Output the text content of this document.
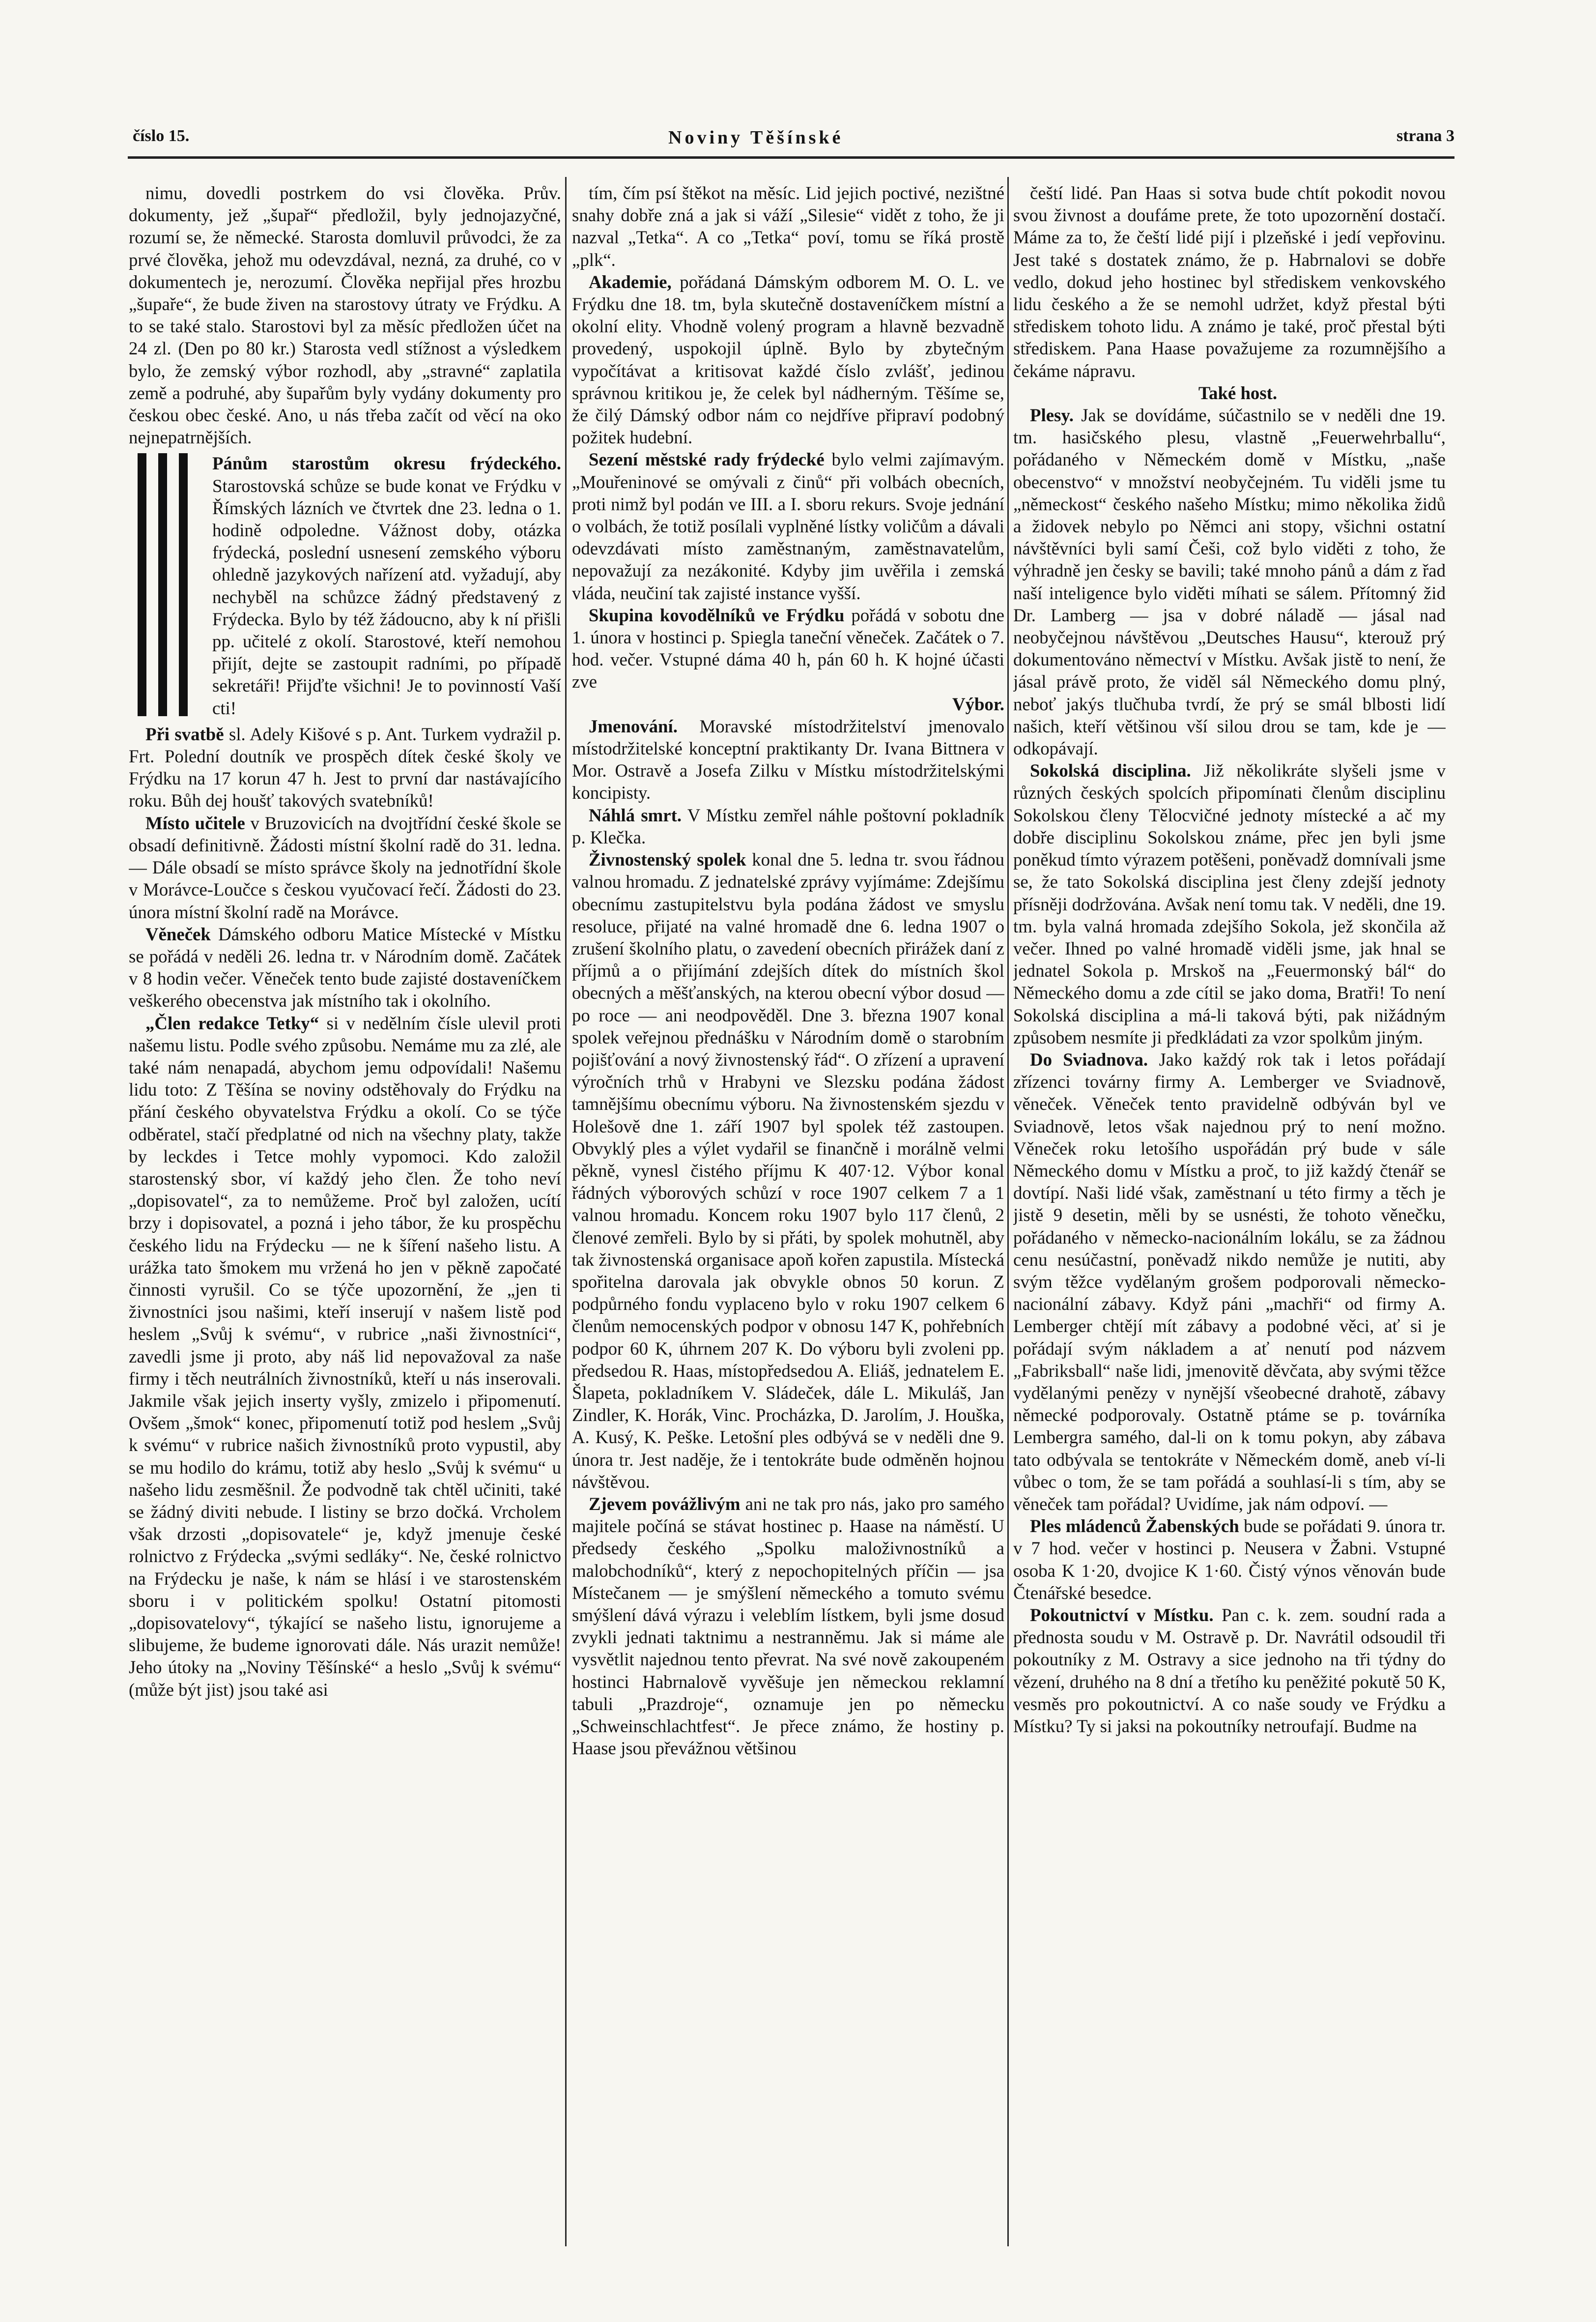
číslo 15.	Noviny Těšínské	strana 3

nimu, dovedli postrkem do vsi člověka. Prův. dokumenty, jež „šupař“ předložil, byly jednojazyčné, rozumí se, že německé. Starosta domluvil průvodci, že za prvé člověka, jehož mu odevzdával, nezná, za druhé, co v dokumentech je, nerozumí. Člověka nepřijal přes hrozbu „šupaře“, že bude živen na starostovy útraty ve Frýdku. A to se také stalo. Starostovi byl za měsíc předložen účet na 24 zl. (Den po 80 kr.) Starosta vedl stížnost a výsledkem bylo, že zemský výbor rozhodl, aby „stravné“ zaplatila země a podruhé, aby šupařům byly vydány dokumenty pro českou obec české. Ano, u nás třeba začít od věcí na oko nejnepatrnějších.

Pánům starostům okresu frýdeckého. Starostovská schůze se bude konat ve Frýdku v Římských lázních ve čtvrtek dne 23. ledna o 1. hodině odpoledne. Vážnost doby, otázka frýdecká, poslední usnesení zemského výboru ohledně jazykových nařízení atd. vyžadují, aby nechyběl na schůzce žádný představený z Frýdecka. Bylo by též žádoucno, aby k ní přišli pp. učitelé z okolí. Starostové, kteří nemohou přijít, dejte se zastoupit radními, po případě sekretáři! Přijďte všichni! Je to povinností Vaší cti!

Při svatbě sl. Adely Kišové s p. Ant. Turkem vydražil p. Frt. Polední doutník ve prospěch dítek české školy ve Frýdku na 17 korun 47 h. Jest to první dar nastávajícího roku. Bůh dej houšť takových svatebníků!

Místo učitele v Bruzovicích na dvojtřídní české škole se obsadí definitivně. Žádosti místní školní radě do 31. ledna. — Dále obsadí se místo správce školy na jednotřídní škole v Morávce-Loučce s českou vyučovací řečí. Žádosti do 23. února místní školní radě na Morávce.

Věneček Dámského odboru Matice Místecké v Místku se pořádá v neděli 26. ledna tr. v Národním domě. Začátek v 8 hodin večer. Věneček tento bude zajisté dostaveníčkem veškerého obecenstva jak místního tak i okolního.

„Člen redakce Tetky“ si v nedělním čísle ulevil proti našemu listu. Podle svého způsobu. Nemáme mu za zlé, ale také nám nenapadá, abychom jemu odpovídali! Našemu lidu toto: Z Těšína se noviny odstěhovaly do Frýdku na přání českého obyvatelstva Frýdku a okolí. Co se týče odběratel, stačí předplatné od nich na všechny platy, takže by leckdes i Tetce mohly vypomoci. Kdo založil starostenský sbor, ví každý jeho člen. Že toho neví „dopisovatel“, za to nemůžeme. Proč byl založen, ucítí brzy i dopisovatel, a pozná i jeho tábor, že ku prospěchu českého lidu na Frýdecku — ne k šíření našeho listu. A urážka tato šmokem mu vržená ho jen v pěkně započaté činnosti vyrušil. Co se týče upozornění, že „jen ti živnostníci jsou našimi, kteří inserují v našem listě pod heslem „Svůj k svému“, v rubrice „naši živnostníci“, zavedli jsme ji proto, aby náš lid nepovažoval za naše firmy i těch neutrálních živnostníků, kteří u nás inserovali. Jakmile však jejich inserty vyšly, zmizelo i připomenutí. Ovšem „šmok“ konec, připomenutí totiž pod heslem „Svůj k svému“ v rubrice našich živnostníků proto vypustil, aby se mu hodilo do krámu, totiž aby heslo „Svůj k svému“ u našeho lidu zesměšnil. Že podvodně tak chtěl učiniti, také se žádný diviti nebude. I listiny se brzo dočká. Vrcholem však drzosti „dopisovatele“ je, když jmenuje české rolnictvo z Frýdecka „svými sedláky“. Ne, české rolnictvo na Frýdecku je naše, k nám se hlásí i ve starostenském sboru i v politickém spolku! Ostatní pitomosti „dopisovatelovy“, týkající se našeho listu, ignorujeme a slibujeme, že budeme ignorovati dále. Nás urazit nemůže! Jeho útoky na „Noviny Těšínské“ a heslo „Svůj k svému“ (může být jist) jsou také asi

tím, čím psí štěkot na měsíc. Lid jejich poctivé, nezištné snahy dobře zná a jak si váží „Silesie“ vidět z toho, že ji nazval „Tetka“. A co „Tetka“ poví, tomu se říká prostě „plk“.

Akademie, pořádaná Dámským odborem M. O. L. ve Frýdku dne 18. tm, byla skutečně dostaveníčkem místní a okolní elity. Vhodně volený program a hlavně bezvadně provedený, uspokojil úplně. Bylo by zbytečným vypočítávat a kritisovat každé číslo zvlášť, jedinou správnou kritikou je, že celek byl nádherným. Těšíme se, že čilý Dámský odbor nám co nejdříve připraví podobný požitek hudební.

Sezení městské rady frýdecké bylo velmi zajímavým. „Mouřeninové se omývali z činů“ při volbách obecních, proti nimž byl podán ve III. a I. sboru rekurs. Svoje jednání o volbách, že totiž posílali vyplněné lístky voličům a dávali odevzdávati místo zaměstnaným, zaměstnavatelům, nepovažují za nezákonité. Kdyby jim uvěřila i zemská vláda, neučiní tak zajisté instance vyšší.

Skupina kovodělníků ve Frýdku pořádá v sobotu dne 1. února v hostinci p. Spiegla taneční věneček. Začátek o 7. hod. večer. Vstupné dáma 40 h, pán 60 h. K hojné účasti zve
Výbor.

Jmenování. Moravské místodržitelství jmenovalo místodržitelské konceptní praktikanty Dr. Ivana Bittnera v Mor. Ostravě a Josefa Zilku v Místku místodržitelskými koncipisty.

Náhlá smrt. V Místku zemřel náhle poštovní pokladník p. Klečka.

Živnostenský spolek konal dne 5. ledna tr. svou řádnou valnou hromadu. Z jednatelské zprávy vyjímáme: Zdejšímu obecnímu zastupitelstvu byla podána žádost ve smyslu resoluce, přijaté na valné hromadě dne 6. ledna 1907 o zrušení školního platu, o zavedení obecních přirážek daní z příjmů a o přijímání zdejších dítek do místních škol obecných a měšťanských, na kterou obecní výbor dosud — po roce — ani neodpověděl. Dne 3. března 1907 konal spolek veřejnou přednášku v Národním domě o starobním pojišťování a nový živnostenský řád“. O zřízení a upravení výročních trhů v Hrabyni ve Slezsku podána žádost tamnějšímu obecnímu výboru. Na živnostenském sjezdu v Holešově dne 1. září 1907 byl spolek též zastoupen. Obvyklý ples a výlet vydařil se finančně i morálně velmi pěkně, vynesl čistého příjmu K 407·12. Výbor konal řádných výborových schůzí v roce 1907 celkem 7 a 1 valnou hromadu. Koncem roku 1907 bylo 117 členů, 2 členové zemřeli. Bylo by si přáti, by spolek mohutněl, aby tak živnostenská organisace apoň kořen zapustila. Místecká spořitelna darovala jak obvykle obnos 50 korun. Z podpůrného fondu vyplaceno bylo v roku 1907 celkem 6 členům nemocenských podpor v obnosu 147 K, pohřebních podpor 60 K, úhrnem 207 K. Do výboru byli zvoleni pp. předsedou R. Haas, místopředsedou A. Eliáš, jednatelem E. Šlapeta, pokladníkem V. Sládeček, dále L. Mikuláš, Jan Zindler, K. Horák, Vinc. Procházka, D. Jarolím, J. Houška, A. Kusý, K. Peške. Letošní ples odbývá se v neděli dne 9. února tr. Jest naděje, že i tentokráte bude odměněn hojnou návštěvou.

Zjevem povážlivým ani ne tak pro nás, jako pro samého majitele počíná se stávat hostinec p. Haase na náměstí. U předsedy českého „Spolku maloživnostníků a malobchodníků“, který z nepochopitelných příčin — jsa Místečanem — je smýšlení německého a tomuto svému smýšlení dává výrazu i veleblím lístkem, byli jsme dosud zvykli jednati taktnimu a nestranněmu. Jak si máme ale vysvětlit najednou tento převrat. Na své nově zakoupeném hostinci Habrnalově vyvěšuje jen německou reklamní tabuli „Prazdroje“, oznamuje jen po německu „Schweinschlachtfest“. Je přece známo, že hostiny p. Haase jsou převážnou většinou

čeští lidé. Pan Haas si sotva bude chtít pokodit novou svou živnost a doufáme prete, že toto upozornění dostačí. Máme za to, že čeští lidé pijí i plzeňské i jedí vepřovinu. Jest také s dostatek známo, že p. Habrnalovi se dobře vedlo, dokud jeho hostinec byl střediskem venkovského lidu českého a že se nemohl udržet, když přestal býti střediskem tohoto lidu. A známo je také, proč přestal býti střediskem. Pana Haase považujeme za rozumnějšího a čekáme nápravu.

Také host.

Plesy. Jak se dovídáme, súčastnilo se v neděli dne 19. tm. hasičského plesu, vlastně „Feuerwehrballu“, pořádaného v Německém domě v Místku, „naše obecenstvo“ v množství neobyčejném. Tu viděli jsme tu „německost“ českého našeho Místku; mimo několika židů a židovek nebylo po Němci ani stopy, všichni ostatní návštěvníci byli samí Češi, což bylo viděti z toho, že výhradně jen česky se bavili; také mnoho pánů a dám z řad naší inteligence bylo viděti míhati se sálem. Přítomný žid Dr. Lamberg — jsa v dobré náladě — jásal nad neobyčejnou návštěvou „Deutsches Hausu“, kterouž prý dokumentováno němectví v Místku. Avšak jistě to není, že jásal právě proto, že viděl sál Německého domu plný, neboť jakýs tlučhuba tvrdí, že prý se smál blbosti lidí našich, kteří většinou vší silou drou se tam, kde je — odkopávají.

Sokolská disciplina. Již několikráte slyšeli jsme v různých českých spolcích připomínati členům disciplinu Sokolskou členy Tělocvičné jednoty místecké a ač my dobře disciplinu Sokolskou známe, přec jen byli jsme poněkud tímto výrazem potěšeni, poněvadž domnívali jsme se, že tato Sokolská disciplina jest členy zdejší jednoty přísněji dodržována. Avšak není tomu tak. V neděli, dne 19. tm. byla valná hromada zdejšího Sokola, jež skončila až večer. Ihned po valné hromadě viděli jsme, jak hnal se jednatel Sokola p. Mrskoš na „Feuermonský bál“ do Německého domu a zde cítil se jako doma, Bratři! To není Sokolská disciplina a má-li taková býti, pak nižádným způsobem nesmíte ji předkládati za vzor spolkům jiným.

Do Sviadnova. Jako každý rok tak i letos pořádají zřízenci továrny firmy A. Lemberger ve Sviadnově, věneček. Věneček tento pravidelně odbýván byl ve Sviadnově, letos však najednou prý to není možno. Věneček roku letošího uspořádán prý bude v sále Německého domu v Místku a proč, to již každý čtenář se dovtípí. Naši lidé však, zaměstnaní u této firmy a těch je jistě 9 desetin, měli by se usnésti, že tohoto věnečku, pořádaného v německo-nacionálním lokálu, se za žádnou cenu nesúčastní, poněvadž nikdo nemůže je nutiti, aby svým těžce vydělaným grošem podporovali německo-nacionální zábavy. Když páni „machři“ od firmy A. Lemberger chtějí mít zábavy a podobné věci, ať si je pořádají svým nákladem a ať nenutí pod názvem „Fabriksball“ naše lidi, jmenovitě děvčata, aby svými těžce vydělanými penězy v nynější všeobecné drahotě, zábavy německé podporovaly. Ostatně ptáme se p. továrníka Lembergra samého, dal-li on k tomu pokyn, aby zábava tato odbývala se tentokráte v Německém domě, aneb ví-li vůbec o tom, že se tam pořádá a souhlasí-li s tím, aby se věneček tam pořádal? Uvidíme, jak nám odpoví. —

Ples mládenců Žabenských bude se pořádati 9. února tr. v 7 hod. večer v hostinci p. Neusera v Žabni. Vstupné osoba K 1·20, dvojice K 1·60. Čistý výnos věnován bude Čtenářské besedce.

Pokoutnictví v Místku. Pan c. k. zem. soudní rada a přednosta soudu v M. Ostravě p. Dr. Navrátil odsoudil tři pokoutníky z M. Ostravy a sice jednoho na tři týdny do vězení, druhého na 8 dní a třetího ku peněžité pokutě 50 K, vesměs pro pokoutnictví. A co naše soudy ve Frýdku a Místku? Ty si jaksi na pokoutníky netroufají. Budme na
